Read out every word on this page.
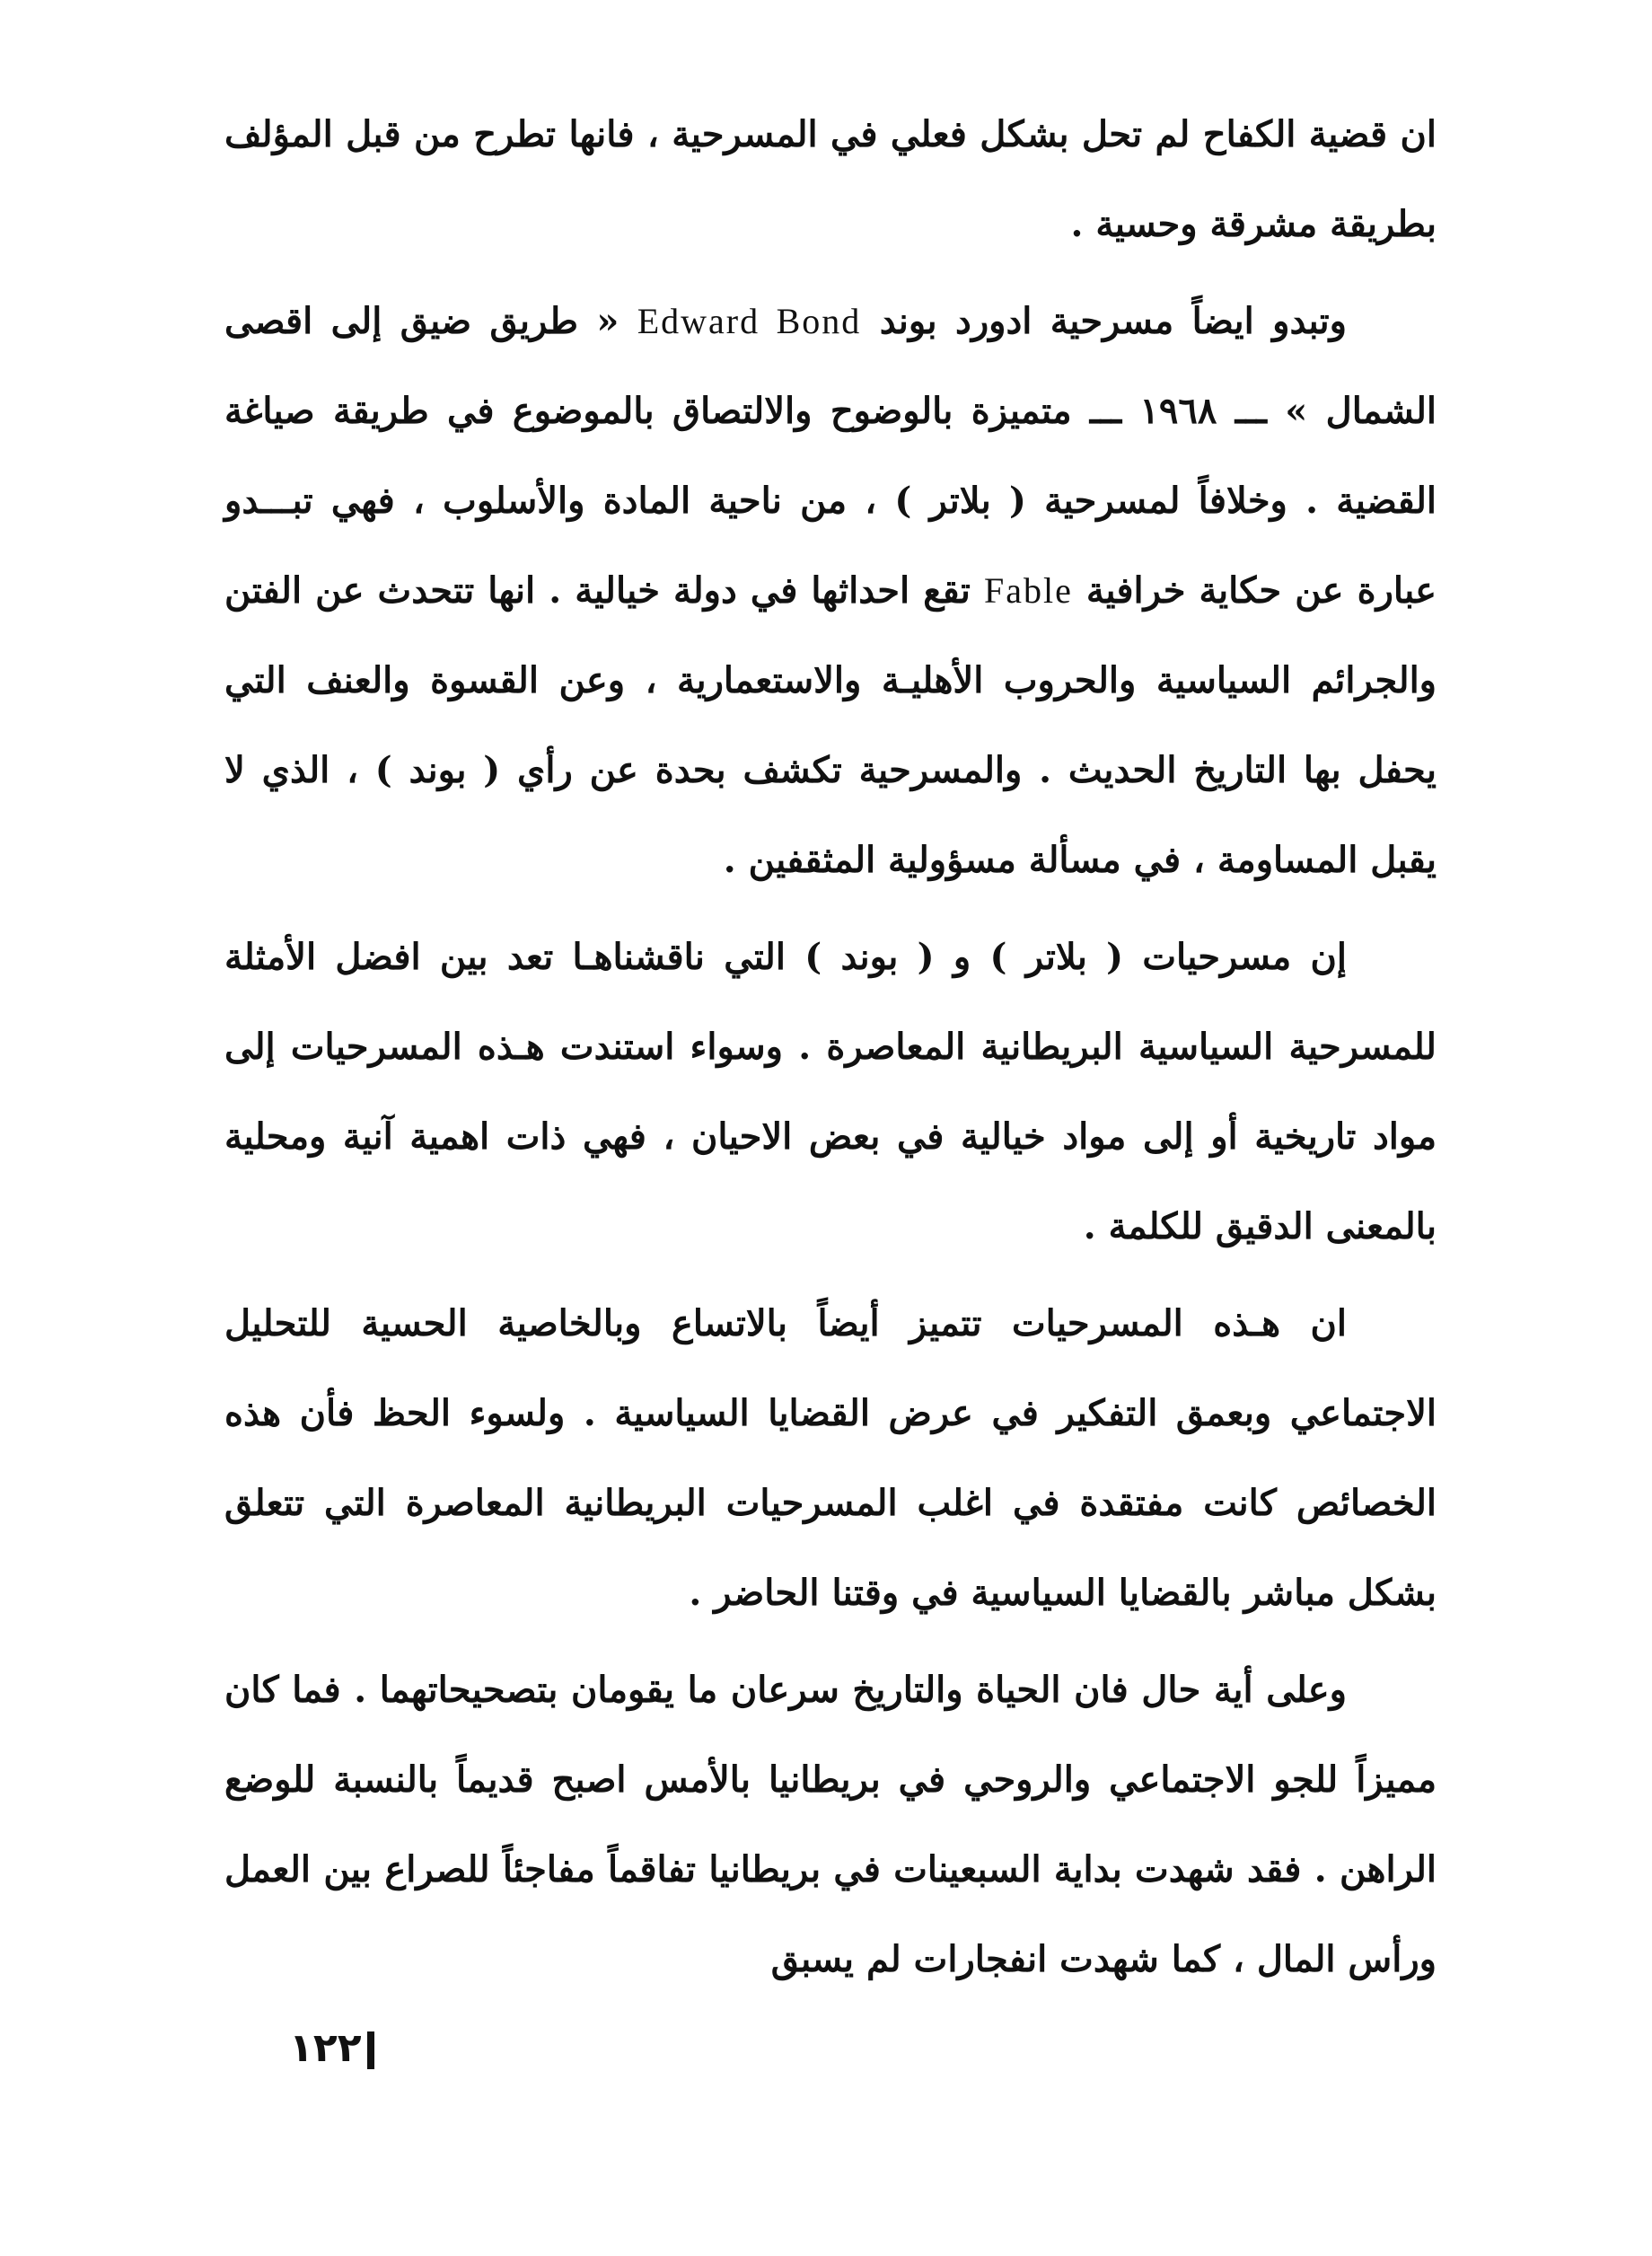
ان قضية الكفاح لم تحل بشكل فعلي في المسرحية ، فانها تطرح من قبل المؤلف بطريقة مشرقة وحسية .

وتبدو ايضاً مسرحية ادورد بوند Edward Bond « طريق ضيق إلى اقصى الشمال » ـــ ١٩٦٨ ـــ متميزة بالوضوح والالتصاق بالموضوع في طريقة صياغة القضية . وخلافاً لمسرحية ( بلاتر ) ، من ناحية المادة والأسلوب ، فهي تبـــدو عبارة عن حكاية خرافية Fable تقع احداثها في دولة خيالية . انها تتحدث عن الفتن والجرائم السياسية والحروب الأهليـة والاستعمارية ، وعن القسوة والعنف التي يحفل بها التاريخ الحديث . والمسرحية تكشف بحدة عن رأي ( بوند ) ، الذي لا يقبل المساومة ، في مسألة مسؤولية المثقفين .

إن مسرحيات ( بلاتر ) و ( بوند ) التي ناقشناهـا تعد بين افضل الأمثلة للمسرحية السياسية البريطانية المعاصرة . وسواء استندت هـذه المسرحيات إلى مواد تاريخية أو إلى مواد خيالية في بعض الاحيان ، فهي ذات اهمية آنية ومحلية بالمعنى الدقيق للكلمة .

ان هـذه المسرحيات تتميز أيضاً بالاتساع وبالخاصية الحسية للتحليل الاجتماعي وبعمق التفكير في عرض القضايا السياسية . ولسوء الحظ فأن هذه الخصائص كانت مفتقدة في اغلب المسرحيات البريطانية المعاصرة التي تتعلق بشكل مباشر بالقضايا السياسية في وقتنا الحاضر .

وعلى أية حال فان الحياة والتاريخ سرعان ما يقومان بتصحيحاتهما . فما كان مميزاً للجو الاجتماعي والروحي في بريطانيا بالأمس اصبح قديماً بالنسبة للوضع الراهن . فقد شهدت بداية السبعينات في بريطانيا تفاقماً مفاجئاً للصراع بين العمل ورأس المال ، كما شهدت انفجارات لم يسبق

١٢٢
